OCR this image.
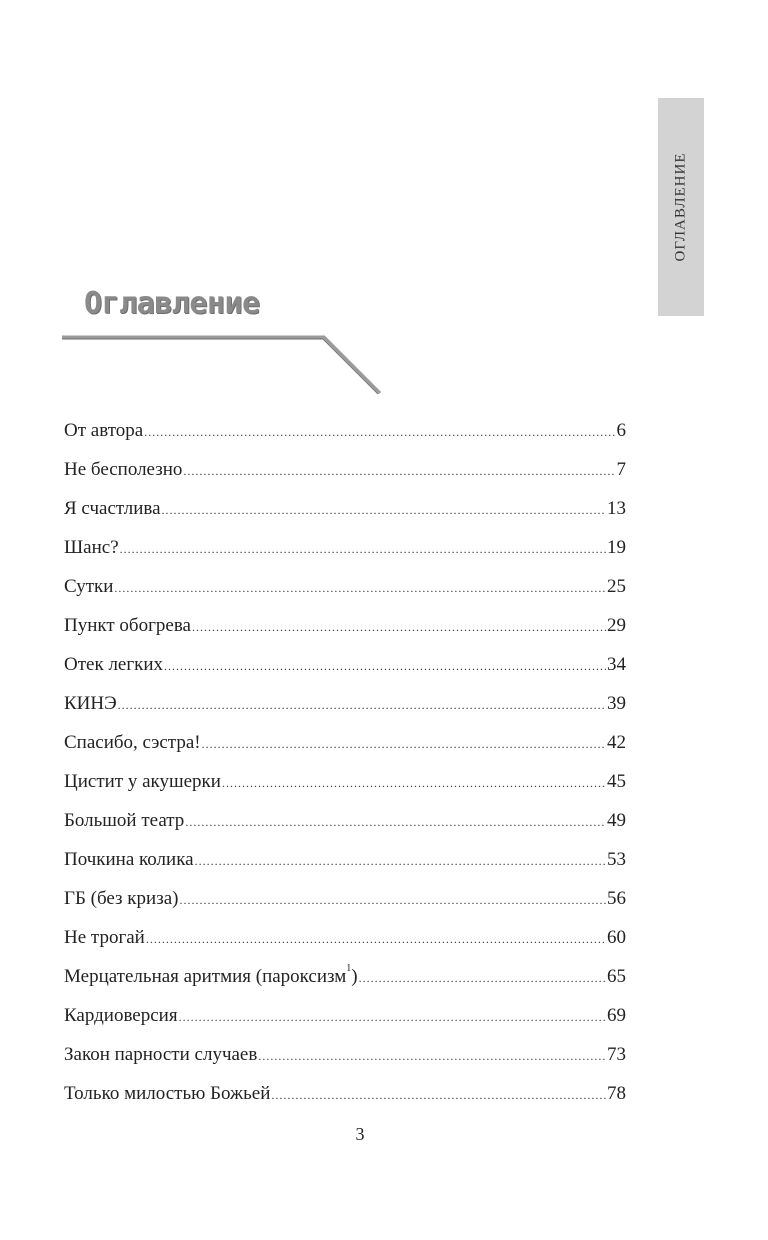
ОГЛАВЛЕНИЕ
Оглавление
От автора .....	6
Не бесполезно .....	7
Я счастлива .....	13
Шанс? .....	19
Сутки .....	25
Пункт обогрева .....	29
Отек легких .....	34
КИНЭ .....	39
Спасибо, сэстра! .....	42
Цистит у акушерки .....	45
Большой театр .....	49
Почкина колика .....	53
ГБ (без криза) .....	56
Не трогай .....	60
Мерцательная аритмия (пароксизм$^1$) .....	65
Кардиоверсия .....	69
Закон парности случаев .....	73
Только милостью Божьей .....	78
3
